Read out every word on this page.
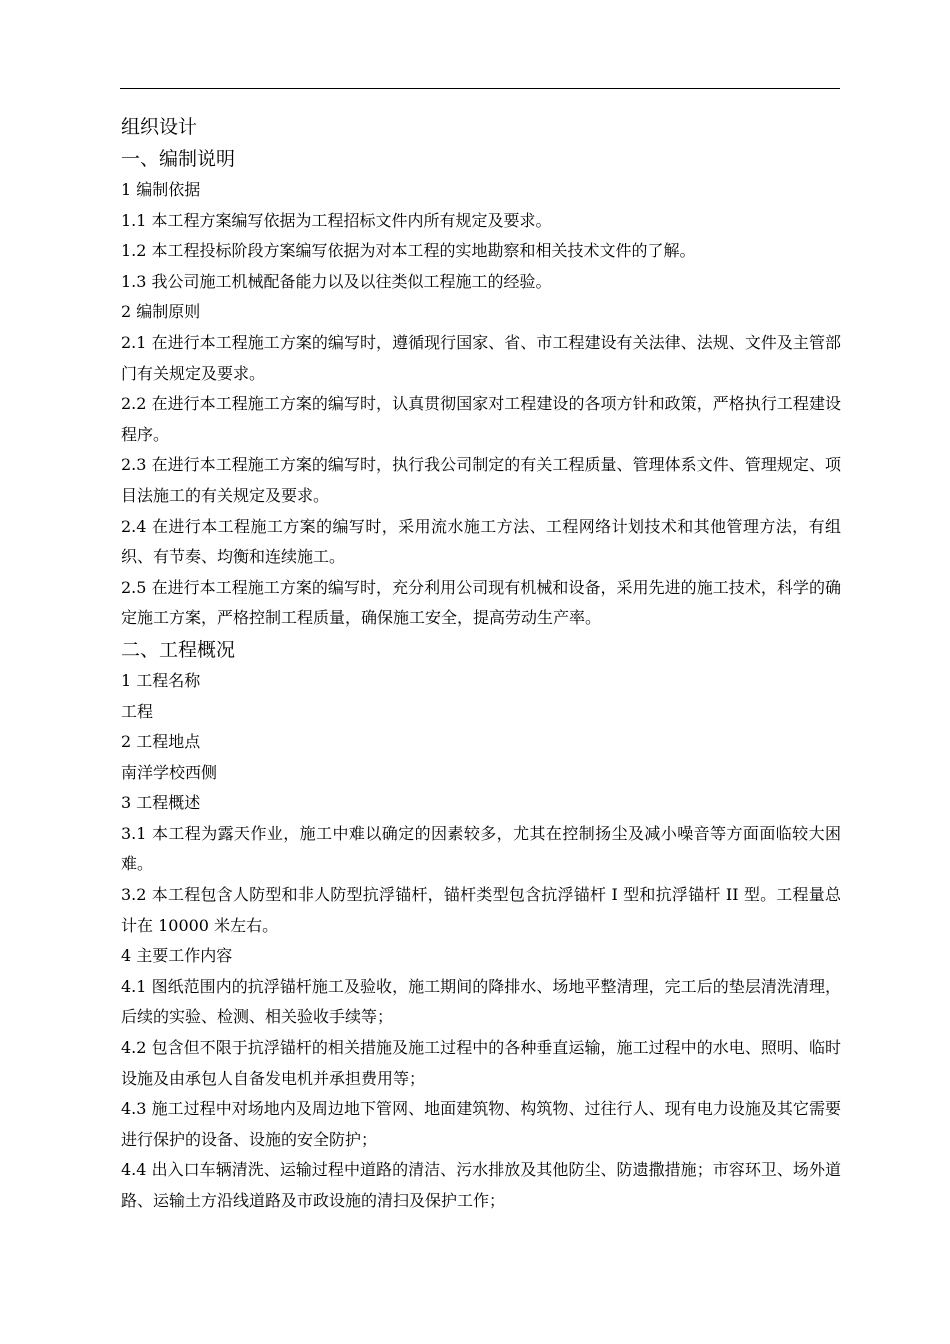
组织设计
一、编制说明
1 编制依据
1.1 本工程方案编写依据为工程招标文件内所有规定及要求。
1.2 本工程投标阶段方案编写依据为对本工程的实地勘察和相关技术文件的了解。
1.3 我公司施工机械配备能力以及以往类似工程施工的经验。
2 编制原则
2.1 在进行本工程施工方案的编写时，遵循现行国家、省、市工程建设有关法律、法规、文件及主管部门有关规定及要求。
2.2 在进行本工程施工方案的编写时，认真贯彻国家对工程建设的各项方针和政策，严格执行工程建设程序。
2.3 在进行本工程施工方案的编写时，执行我公司制定的有关工程质量、管理体系文件、管理规定、项目法施工的有关规定及要求。
2.4 在进行本工程施工方案的编写时，采用流水施工方法、工程网络计划技术和其他管理方法，有组织、有节奏、均衡和连续施工。
2.5 在进行本工程施工方案的编写时，充分利用公司现有机械和设备，采用先进的施工技术，科学的确定施工方案，严格控制工程质量，确保施工安全，提高劳动生产率。
二、工程概况
1 工程名称
工程
2 工程地点
南洋学校西侧
3 工程概述
3.1 本工程为露天作业，施工中难以确定的因素较多，尤其在控制扬尘及减小噪音等方面面临较大困难。
3.2 本工程包含人防型和非人防型抗浮锚杆，锚杆类型包含抗浮锚杆 I 型和抗浮锚杆 II 型。工程量总计在 10000 米左右。
4 主要工作内容
4.1 图纸范围内的抗浮锚杆施工及验收，施工期间的降排水、场地平整清理，完工后的垫层清洗清理，后续的实验、检测、相关验收手续等；
4.2 包含但不限于抗浮锚杆的相关措施及施工过程中的各种垂直运输，施工过程中的水电、照明、临时设施及由承包人自备发电机并承担费用等；
4.3 施工过程中对场地内及周边地下管网、地面建筑物、构筑物、过往行人、现有电力设施及其它需要进行保护的设备、设施的安全防护；
4.4 出入口车辆清洗、运输过程中道路的清洁、污水排放及其他防尘、防遗撒措施；市容环卫、场外道路、运输土方沿线道路及市政设施的清扫及保护工作；
